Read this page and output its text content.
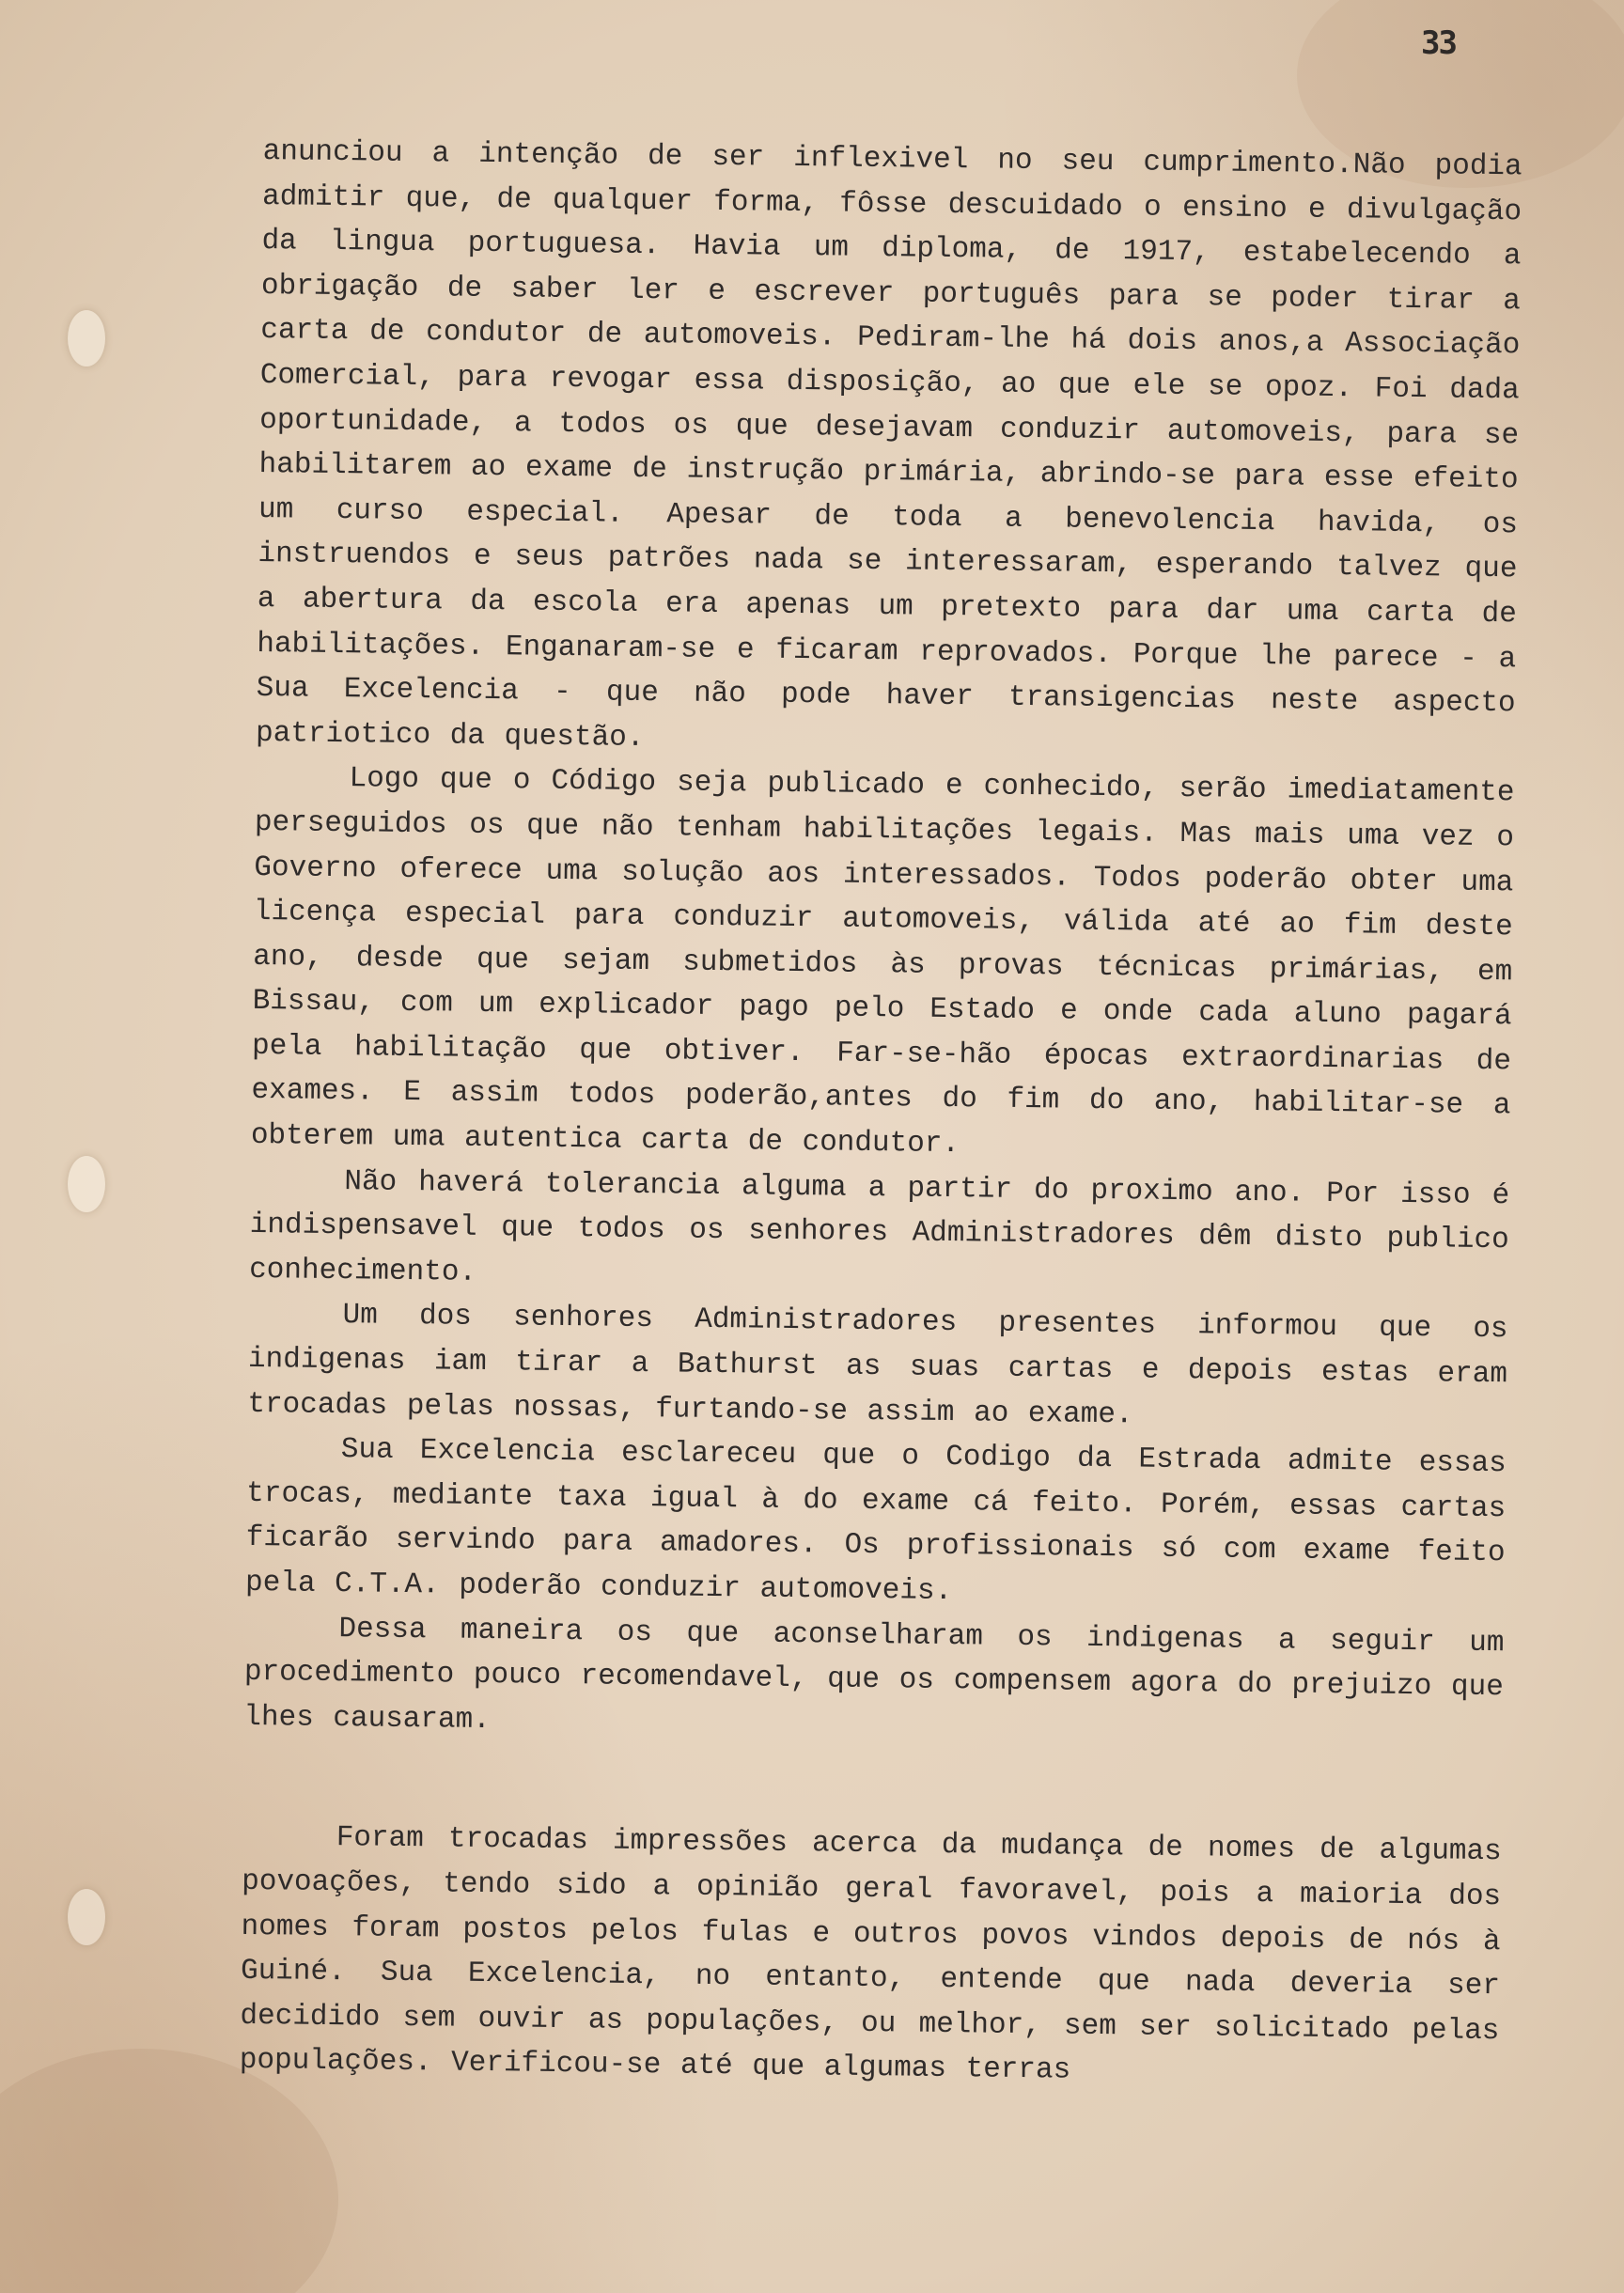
33

anunciou a intenção de ser inflexivel no seu cumprimento.Não podia admitir que, de qualquer forma, fôsse descuidado o ensino e divulgação da lingua portuguesa. Havia um diploma, de 1917, estabelecendo a obrigação de saber ler e escrever português para se poder tirar a carta de condutor de automoveis. Pediram-lhe há dois anos,a Associação Comercial, para revogar essa disposição, ao que ele se opoz. Foi dada oportunidade, a todos os que desejavam conduzir automoveis, para se habilitarem ao exame de instrução primária, abrindo-se para esse efeito um curso especial. Apesar de toda a benevolencia havida, os instruendos e seus patrões nada se interessaram, esperando talvez que a abertura da escola era apenas um pretexto para dar uma carta de habilitações. Enganaram-se e ficaram reprovados. Porque lhe parece - a Sua Excelencia - que não pode haver transigencias neste aspecto patriotico da questão.

Logo que o Código seja publicado e conhecido, serão imediatamente perseguidos os que não tenham habilitações legais. Mas mais uma vez o Governo oferece uma solução aos interessados. Todos poderão obter uma licença especial para conduzir automoveis, válida até ao fim deste ano, desde que sejam submetidos às provas técnicas primárias, em Bissau, com um explicador pago pelo Estado e onde cada aluno pagará pela habilitação que obtiver. Far-se-hão épocas extraordinarias de exames. E assim todos poderão,antes do fim do ano, habilitar-se a obterem uma autentica carta de condutor.

Não haverá tolerancia alguma a partir do proximo ano. Por isso é indispensavel que todos os senhores Administradores dêm disto publico conhecimento.

Um dos senhores Administradores presentes informou que os indigenas iam tirar a Bathurst as suas cartas e depois estas eram trocadas pelas nossas, furtando-se assim ao exame.

Sua Excelencia esclareceu que o Codigo da Estrada admite essas trocas, mediante taxa igual à do exame cá feito. Porém, essas cartas ficarão servindo para amadores. Os profissionais só com exame feito pela C.T.A. poderão conduzir automoveis.

Dessa maneira os que aconselharam os indigenas a seguir um procedimento pouco recomendavel, que os compensem agora do prejuizo que lhes causaram.

Foram trocadas impressões acerca da mudança de nomes de algumas povoações, tendo sido a opinião geral favoravel, pois a maioria dos nomes foram postos pelos fulas e outros povos vindos depois de nós à Guiné. Sua Excelencia, no entanto, entende que nada deveria ser decidido sem ouvir as populações, ou melhor, sem ser solicitado pelas populações. Verificou-se até que algumas terras
